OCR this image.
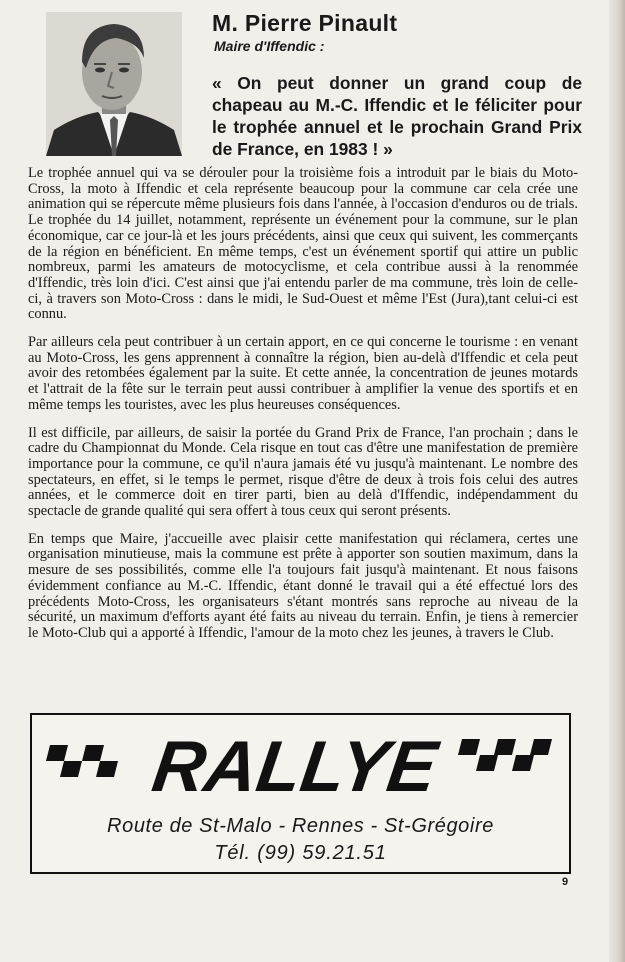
M. Pierre Pinault
Maire d'Iffendic :

« On peut donner un grand coup de chapeau au M.-C. Iffendic et le féliciter pour le trophée annuel et le prochain Grand Prix de France, en 1983 ! »

Le trophée annuel qui va se dérouler pour la troisième fois a introduit par le biais du Moto-Cross, la moto à Iffendic et cela représente beaucoup pour la commune car cela crée une animation qui se répercute même plusieurs fois dans l'année, à l'occasion d'enduros ou de trials. Le trophée du 14 juillet, notamment, représente un événement pour la commune, sur le plan économique, car ce jour-là et les jours précédents, ainsi que ceux qui suivent, les commerçants de la région en bénéficient. En même temps, c'est un événement sportif qui attire un public nombreux, parmi les amateurs de motocyclisme, et cela contribue aussi à la renommée d'Iffendic, très loin d'ici. C'est ainsi que j'ai entendu parler de ma commune, très loin de celle-ci, à travers son Moto-Cross : dans le midi, le Sud-Ouest et même l'Est (Jura),tant celui-ci est connu.

Par ailleurs cela peut contribuer à un certain apport, en ce qui concerne le tourisme : en venant au Moto-Cross, les gens apprennent à connaître la région, bien au-delà d'Iffendic et cela peut avoir des retombées également par la suite. Et cette année, la concentration de jeunes motards et l'attrait de la fête sur le terrain peut aussi contribuer à amplifier la venue des sportifs et en même temps les touristes, avec les plus heureuses conséquences.

Il est difficile, par ailleurs, de saisir la portée du Grand Prix de France, l'an prochain ; dans le cadre du Championnat du Monde. Cela risque en tout cas d'être une manifestation de première importance pour la commune, ce qu'il n'aura jamais été vu jusqu'à maintenant. Le nombre des spectateurs, en effet, si le temps le permet, risque d'être de deux à trois fois celui des autres années, et le commerce doit en tirer parti, bien au delà d'Iffendic, indépendamment du spectacle de grande qualité qui sera offert à tous ceux qui seront présents.

En temps que Maire, j'accueille avec plaisir cette manifestation qui réclamera, certes une organisation minutieuse, mais la commune est prête à apporter son soutien maximum, dans la mesure de ses possibilités, comme elle l'a toujours fait jusqu'à maintenant. Et nous faisons évidemment confiance au M.-C. Iffendic, étant donné le travail qui a été effectué lors des précédents Moto-Cross, les organisateurs s'étant montrés sans reproche au niveau de la sécurité, un maximum d'efforts ayant été faits au niveau du terrain. Enfin, je tiens à remercier le Moto-Club qui a apporté à Iffendic, l'amour de la moto chez les jeunes, à travers le Club.

RALLYE
Route de St-Malo - Rennes - St-Grégoire
Tél. (99) 59.21.51
9
